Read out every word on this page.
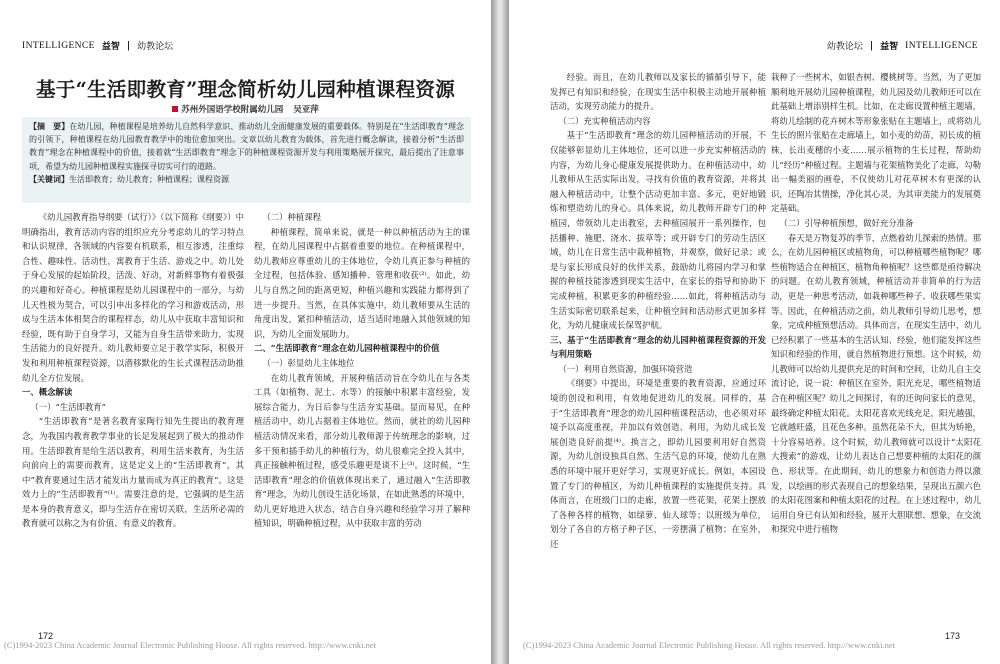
INTELLIGENCE 益智 | 幼教论坛
基于“生活即教育”理念简析幼儿园种植课程资源
苏州外国语学校附属幼儿园 吴亚萍
【摘　要】在幼儿园，种植课程是培养幼儿自然科学意识、推动幼儿全面健康发展的重要载体。特别是在“生活即教育”理念的引领下，种植课程在幼儿园教育教学中的地位愈加突出。文章以幼儿教育为载体，首先进行概念解读，接着分析“生活即教育”理念在种植课程中的价值，接着就“生活即教育”理念下的种植课程资源开发与利用策略展开探究，最后提出了注意事项，希望为幼儿园种植课程实施探寻切实可行的道路。
【关键词】生活即教育；幼儿教育；种植课程；课程资源

《幼儿园教育指导纲要（试行）》（以下简称《纲要》）中明确指出，教育活动内容的组织应充分考虑幼儿的学习特点和认识规律，各领域的内容要有机联系，相互渗透，注重综合性、趣味性、活动性，寓教育于生活、游戏之中。幼儿处于身心发展的起始阶段，活泼、好动，对新鲜事物有着极强的兴趣和好奇心。种植课程是幼儿园课程中的一部分，与幼儿天性极为契合，可以引申出多样化的学习和游戏活动，形成与生活本体相契合的课程样态，幼儿从中获取丰富知识和经验，既有助于自身学习，又能为自身生活带来助力，实现生活能力的良好提升。幼儿教师要立足于教学实际，积极开发和利用种植课程资源，以潜移默化的生长式课程活动助推幼儿全方位发展。

一、概念解读
（一）“生活即教育”

“生活即教育”是著名教育家陶行知先生提出的教育理念，为我国内教育教学事业的长足发展起到了极大的推动作用。生活即教育是给生活以教育，利用生活来教育，为生活向前向上的需要而教育，这是定义上的“生活即教育”，其中“教育要通过生活才能发出力量而成为真正的教育”。这是效力上的“生活即教育”⁽¹⁾。需要注意的是，它强调的是生活是本身的教育意义，即与生活存在密切关联，生活所必需的教育就可以称之为有价值、有意义的教育。

（二）种植课程

种植课程，简单来说，就是一种以种植活动为主的课程，在幼儿园课程中占据着重要的地位。在种植课程中，幼儿教师应尊重幼儿的主体地位，令幼儿真正参与种植的全过程，包括体验、感知播种、管理和收获⁽²⁾。如此，幼儿与自然之间的距离更短，种植兴趣和实践能力都得到了进一步提升。当然，在具体实施中，幼儿教师要从生活的角度出发，紧扣种植活动，适当适时地融入其他领域的知识，为幼儿全面发展助力。

二、“生活即教育”理念在幼儿园种植课程中的价值
（一）彰显幼儿主体地位

在幼儿教育领域，开展种植活动旨在令幼儿在与各类工具（如植物、泥土、水等）的接触中积累丰富经验，发展综合能力，为日后参与生活夯实基础。显而易见，在种植活动中，幼儿占据着主体地位。然而，就社的幼儿园种植活动情况来看，部分幼儿教师源于传统理念的影响，过多干预和插手幼儿的种植行为，幼儿很难完全投入其中，真正接触种植过程，感受乐趣更是谈不上⁽³⁾。这时候，“生活即教育”理念的价值就体现出来了，通过融入“生活即教育”理念，为幼儿创设生活化场景，在如此熟悉的环境中，幼儿更好地进入状态，结合自身兴趣和经验学习并了解种植知识，明确种植过程，从中获取丰富的劳动

172
(C)1994-2023 China Academic Journal Electronic Publishing House. All rights reserved. http://www.cnki.net
幼教论坛 | 益智 INTELLIGENCE

经验。而且，在幼儿教师以及家长的循循引导下，能发挥已有知识和经验，在现实生活中积极主动地开展种植活动，实现劳动能力的提升。

（二）充实种植活动内容

基于“生活即教育”理念的幼儿园种植活动的开展，不仅能够彰显幼儿主体地位，还可以进一步充实种植活动的内容，为幼儿身心健康发展提供助力。在种植活动中，幼儿教师从生活实际出发，寻找有价值的教育资源，并将其融入种植活动中，让整个活动更加丰富、多元，更好地锻炼和塑造幼儿的身心。具体来说，幼儿教师开辟专门的种植园，带领幼儿走出教室，去种植园展开一系列操作，包括播种、施肥、浇水、拔草等；或开辟专门的劳动生活区域，幼儿在日常生活中栽种植物，并观察，做好记录；或是与家长形成良好的伙伴关系，鼓励幼儿将园内学习和掌握的种植技能渗透到现实生活中，在家长的指导和协助下完成种植，积累更多的种植经验……如此，将种植活动与生活实际密切联系起来，让种植空间和活动形式更加多样化，为幼儿健康成长保驾护航。

三、基于“生活即教育”理念的幼儿园种植课程资源的开发与利用策略
（一）利用自然资源，加强环境营造

《纲要》中提出，环境是重要的教育资源，应通过环境的创设和利用，有效地促进幼儿的发展。同样的，基于“生活即教育”理念的幼儿园种植课程活动，也必须对环境予以高度重视，并加以有效创造、利用，为幼儿成长发展创造良好前提⁽⁴⁾。换言之，即幼儿园要利用好自然资源，为幼儿创设独具自然、生活气息的环境，使幼儿在熟悉的环境中展开更好学习，实现更好成长。例如，本园设置了专门的种植区，为幼儿种植课程的实施提供支持。具体而言，在班级门口的走廊，放置一些花架，花架上摆放了各种各样的植物，如绿萝、仙人球等；以班级为单位，划分了各自的方格子种子区，一旁摆满了植物；在室外，还

栽种了一些树木，如银杏树、樱桃树等。当然，为了更加顺利地开展幼儿园种植课程，幼儿园及幼儿教师还可以在此基础上增添别样生机。比如，在走廊设置种植主题墙，将幼儿绘制的花卉树木等形象张贴在主题墙上，或将幼儿生长的照片张贴在走廊墙上，如小麦的幼苗，初长成的植株，长出麦穗的小麦……展示植物的生长过程，帮助幼儿“经历”种植过程。主题墙与花架植物美化了走廊，勾勒出一幅美丽的画卷，不仅使幼儿对花草树木有更深的认识，还陶冶其情操，净化其心灵，为其审美能力的发展奠定基础。

（二）引导种植预想，做好充分准备

春天是万物复苏的季节，点燃着幼儿探索的热情。那么，在幼儿园种植区或植物角，可以种植哪些植物呢？哪些植物适合在种植区，植物角种植呢？这些都是亟待解决的问题。在幼儿教育领域，种植活动并非简单的行为活动，更是一种思考活动，如栽种哪些种子、收获哪些果实等。因此，在种植活动之前，幼儿教师引导幼儿思考，想象，完成种植预想活动。具体而言，在现实生活中，幼儿已经积累了一些基本的生活认知、经验，他们能发挥这些知识和经验的作用，就自然植物进行预想。这个时候，幼儿教师可以给幼儿提供充足的时间和空间，让幼儿自主交流讨论，说一说：种植区在室外，阳光充足，哪些植物适合在种植区呢？幼儿之间探讨，有的还询问家长的意见，最终确定种植太阳花。太阳花喜欢光线充足，阳光越强，它就越旺盛，且花色多种。虽然花朵不大，但其为矫艳，十分容易培养。这个时候，幼儿教师就可以设计“太阳花大搜索”的游戏，让幼儿表达自己想要种植的太阳花的颜色、形状等。在此期间，幼儿的想象力和创造力得以激发，以绘画的形式表现自己的想象结果，呈现出五颜六色的太阳花图案和种植太阳花的过程。在上述过程中，幼儿运用自身已有认知和经验，展开大胆联想、想象，在交流和探究中进行植物

173
(C)1994-2023 China Academic Journal Electronic Publishing House. All rights reserved. http://www.cnki.net
